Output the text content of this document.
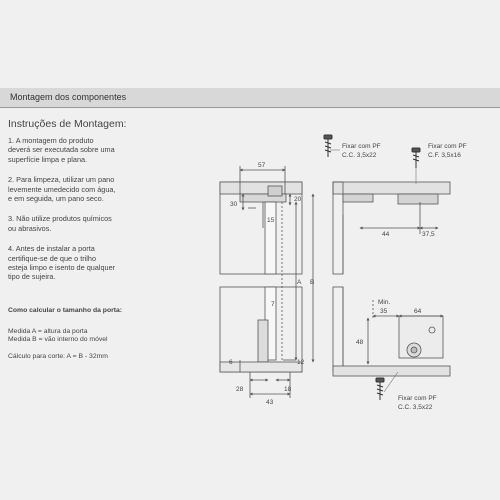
Montagem dos componentes
Instruções de Montagem:
1. A montagem do produto
deverá ser executada sobre uma
superfície limpa e plana.
2. Para limpeza, utilizar um pano
levemente umedecido com água,
e em seguida, um pano seco.
3. Não utilize produtos químicos
ou abrasivos.
4. Antes de instalar a porta
certifique-se de que o trilho
esteja limpo e isento de qualquer
tipo de sujeira.
Como calcular o tamanho da porta:

Medida A = altura da porta

Medida B = vão interno do móvel

Cálculo para corte: A = B - 32mm

57
30
20
15
7
A B
6	12
28	18
43
Fixar com PF
C.C. 3,5x22
Fixar com PF
C.F. 3,5x16
Fixar com PF
C.C. 3,5x22
44	37,5
Min.
35	64
48
